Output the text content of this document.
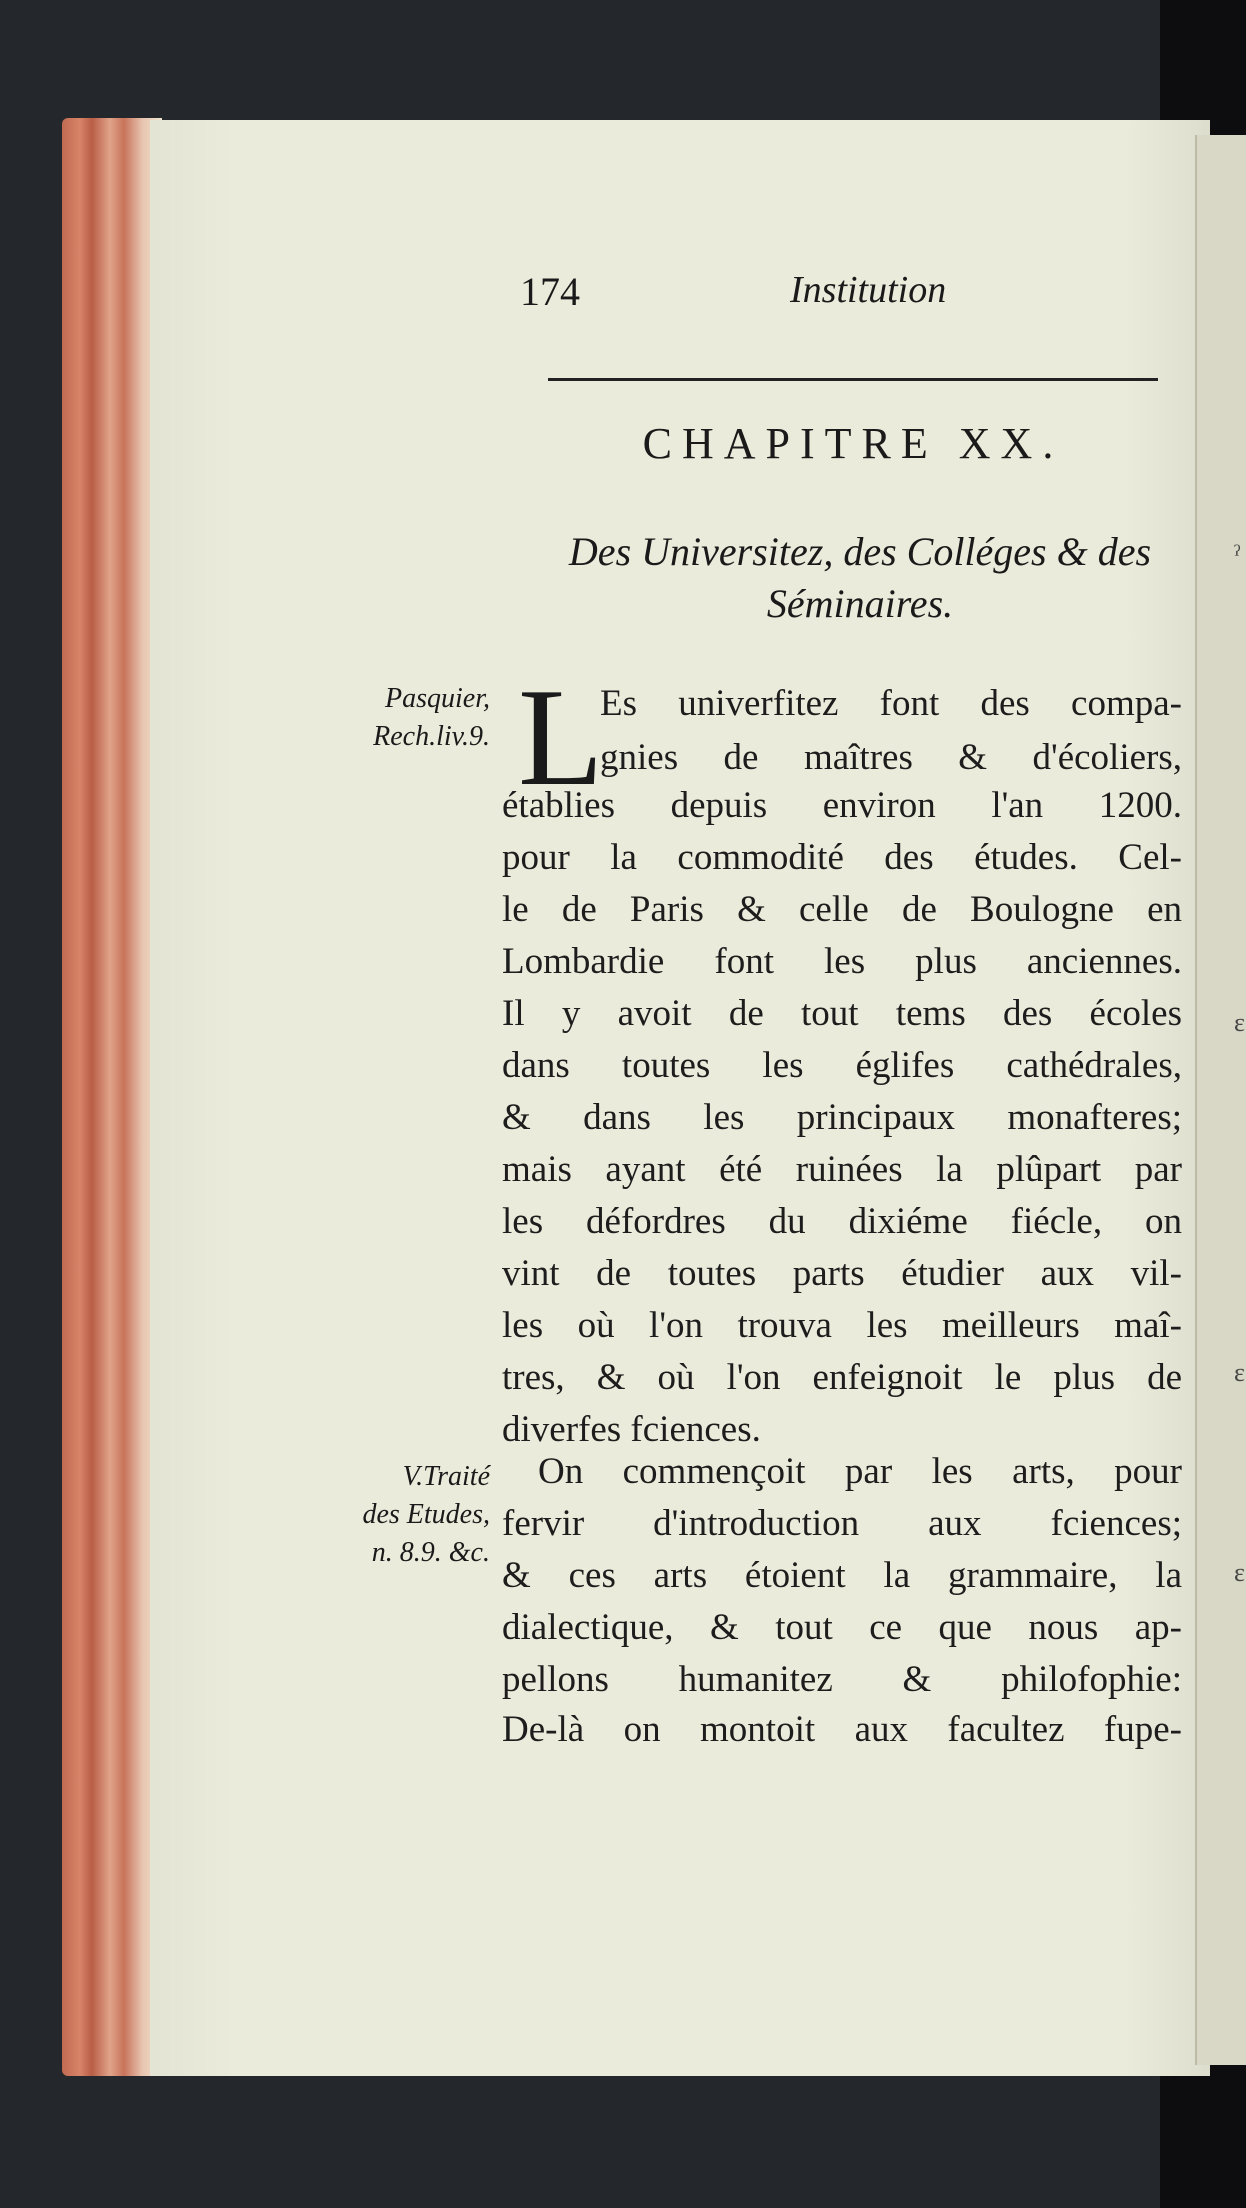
ˀ
ɛ
ɛ
ɛ
174	Institution
CHAPITRE XX.
Des Universitez, des Colléges & des
Séminaires.
Pasquier,
Rech.liv.9.
V.Traité
des Etudes,
n. 8.9. &c.
L
Es univerfitez font des compa-
gnies de maîtres & d'écoliers,
établies depuis environ l'an 1200.
pour la commodité des études. Cel-
le de Paris & celle de Boulogne en
Lombardie font les plus anciennes.
Il y avoit de tout tems des écoles
dans toutes les églifes cathédrales,
& dans les principaux monafteres;
mais ayant été ruinées la plûpart par
les défordres du dixiéme fiécle, on
vint de toutes parts étudier aux vil-
les où l'on trouva les meilleurs maî-
tres, & où l'on enfeignoit le plus de
diverfes fciences.
On commençoit par les arts, pour
fervir d'introduction aux fciences;
& ces arts étoient la grammaire, la
dialectique, & tout ce que nous ap-
pellons humanitez & philofophie:
De-là on montoit aux facultez fupe-
